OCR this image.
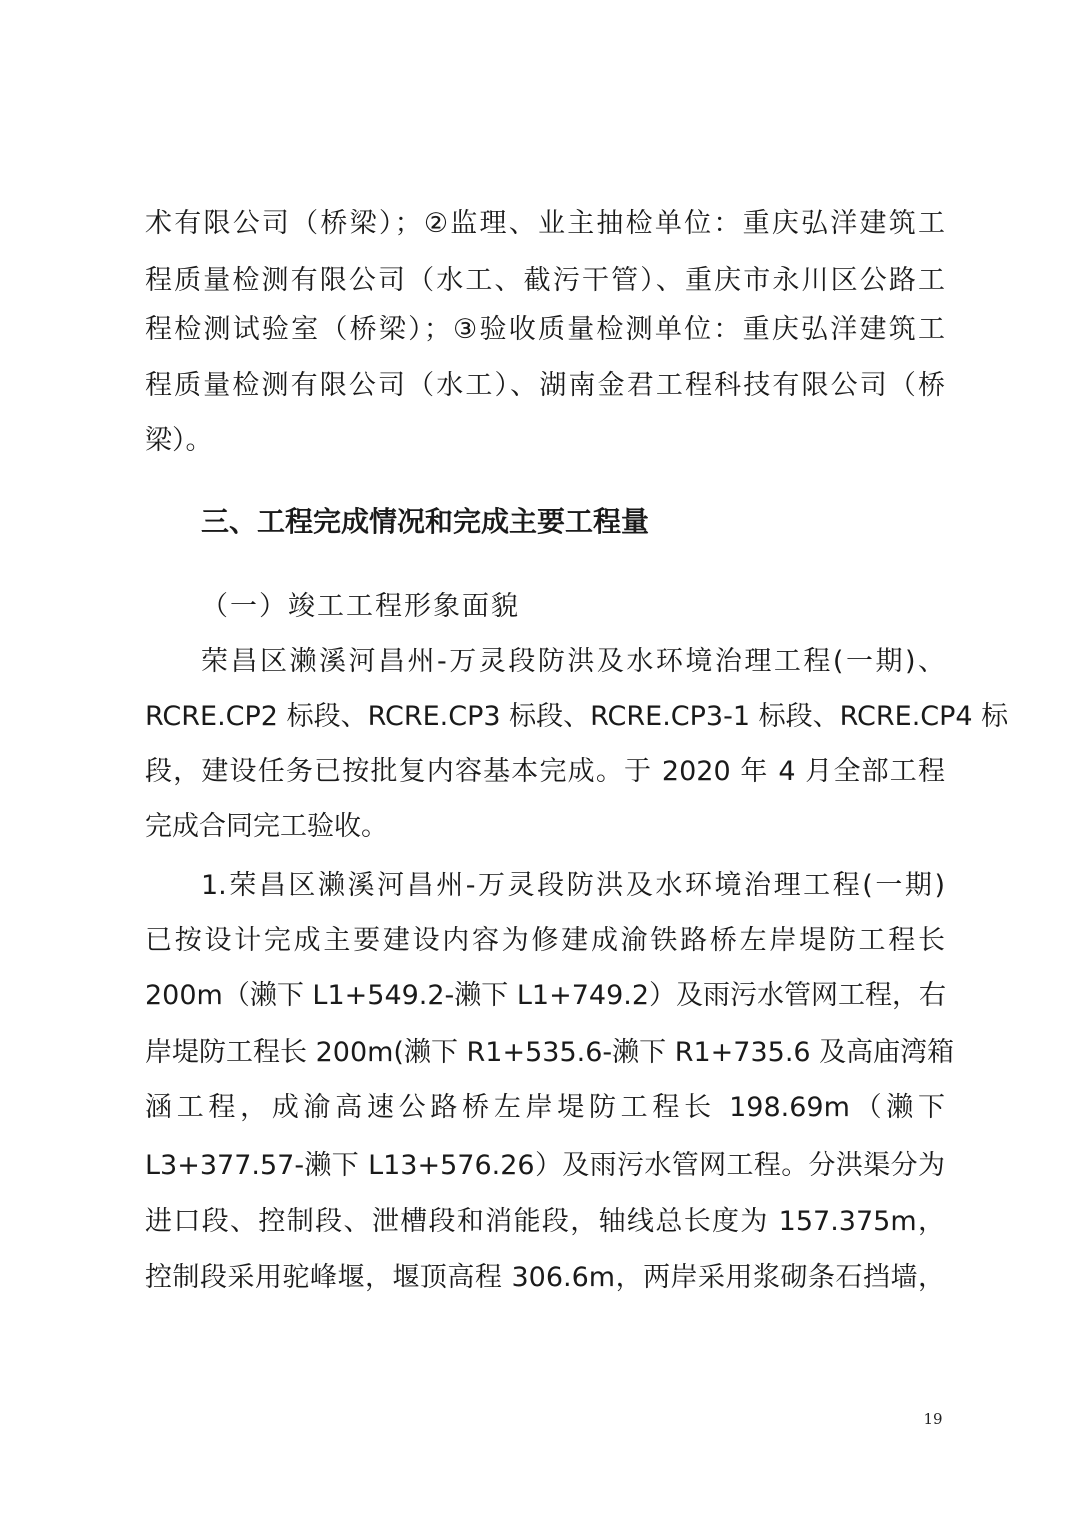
术有限公司（桥梁）；②监理、业主抽检单位：重庆弘洋建筑工
程质量检测有限公司（水工、截污干管）、重庆市永川区公路工
程检测试验室（桥梁）；③验收质量检测单位：重庆弘洋建筑工
程质量检测有限公司（水工）、湖南金君工程科技有限公司（桥
梁）。
三、工程完成情况和完成主要工程量
（一）竣工工程形象面貌
荣昌区濑溪河昌州-万灵段防洪及水环境治理工程(一期)、
RCRE.CP2 标段、RCRE.CP3 标段、RCRE.CP3-1 标段、RCRE.CP4 标
段，建设任务已按批复内容基本完成。于 2020 年 4 月全部工程
完成合同完工验收。
1.荣昌区濑溪河昌州-万灵段防洪及水环境治理工程(一期)
已按设计完成主要建设内容为修建成渝铁路桥左岸堤防工程长
200m（濑下 L1+549.2-濑下 L1+749.2）及雨污水管网工程，右
岸堤防工程长 200m(濑下 R1+535.6-濑下 R1+735.6 及高庙湾箱
涵工程，成渝高速公路桥左岸堤防工程长 198.69m（濑下
L3+377.57-濑下 L13+576.26）及雨污水管网工程。分洪渠分为
进口段、控制段、泄槽段和消能段，轴线总长度为 157.375m，
控制段采用驼峰堰，堰顶高程 306.6m，两岸采用浆砌条石挡墙，
19
